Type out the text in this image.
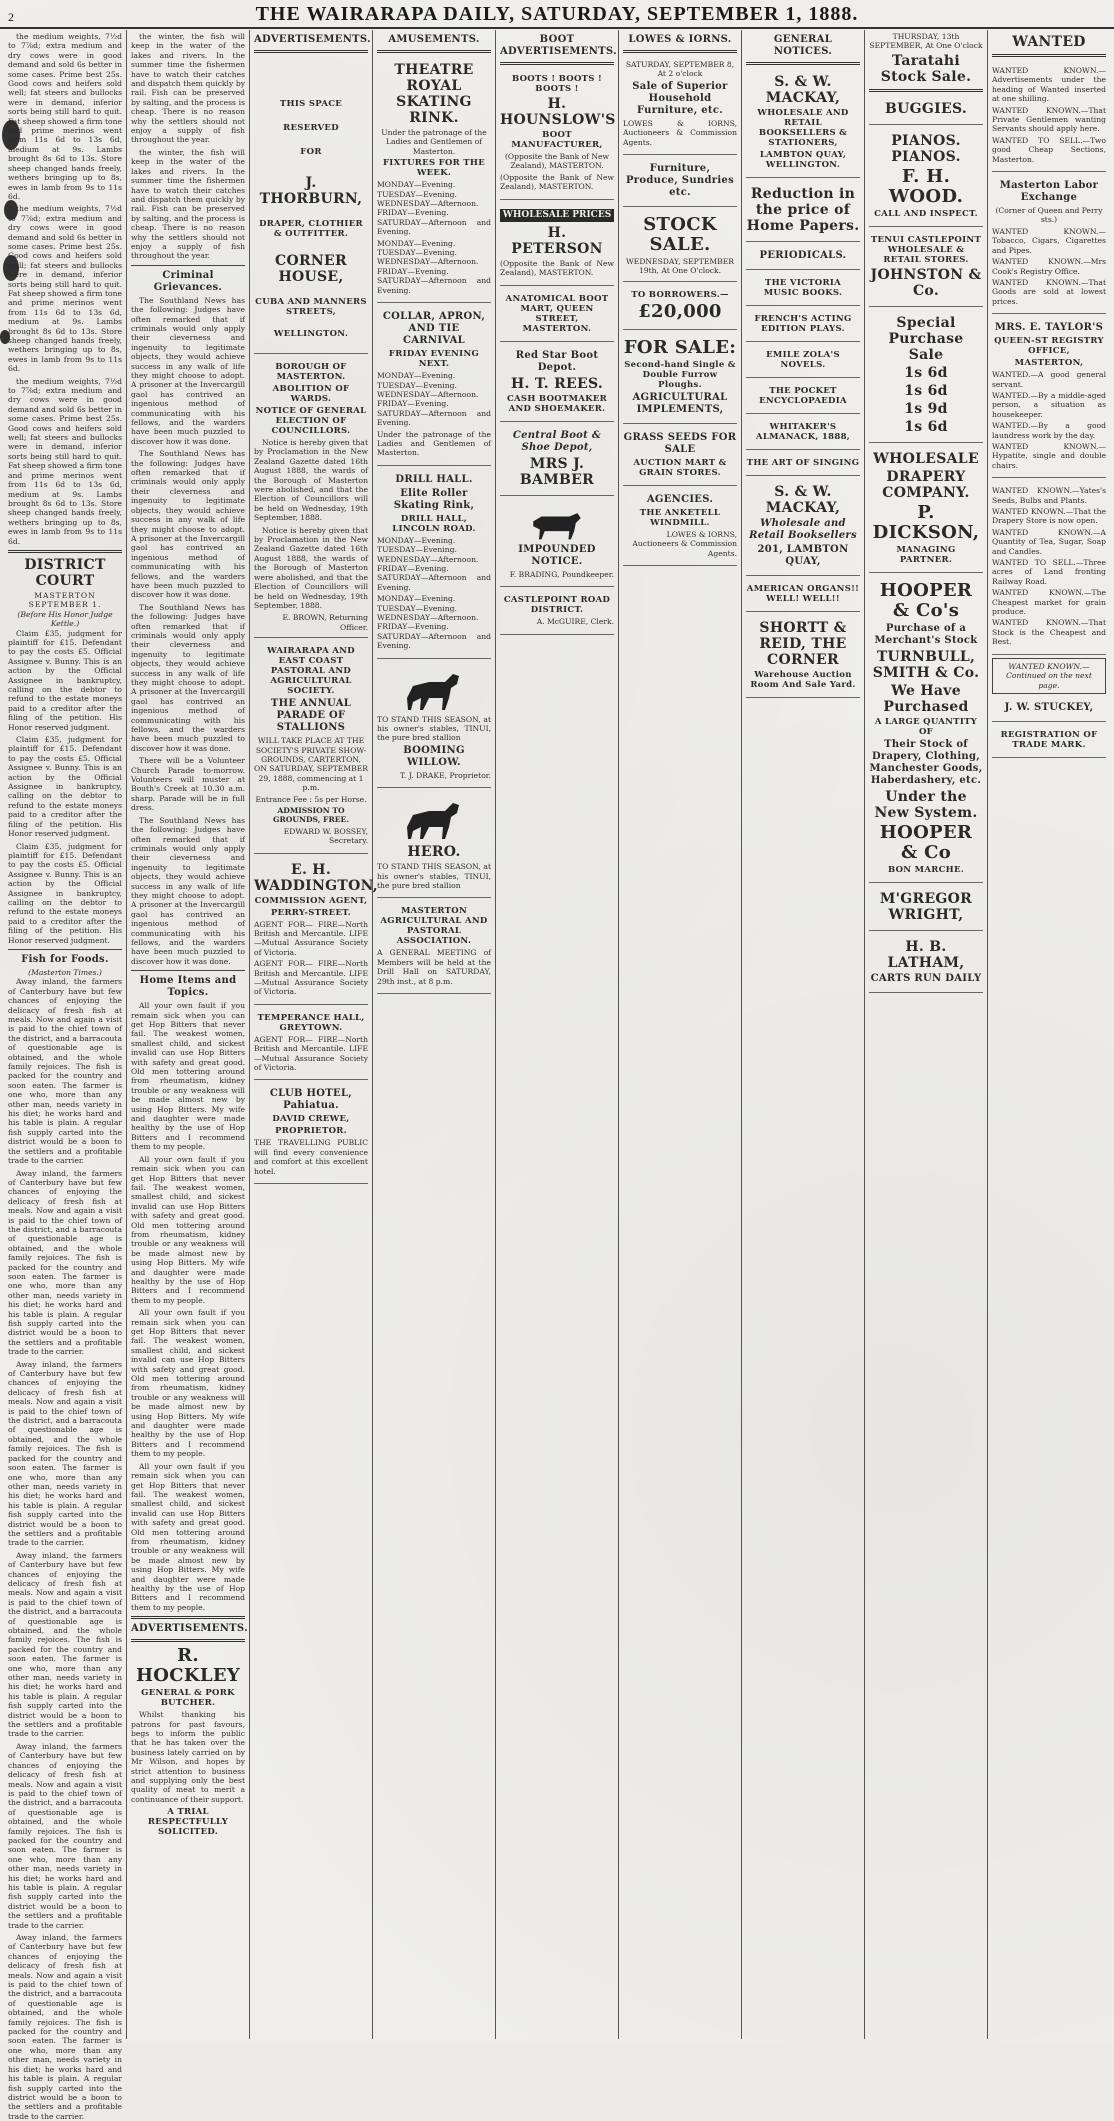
2	THE WAIRARAPA DAILY, SATURDAY, SEPTEMBER 1, 1888.

the medium weights, 7½d to 7⅞d; extra medium and dry cows were in good demand and sold 6s better in some cases. Prime best 25s. Good cows and heifers sold well; fat steers and bullocks were in demand, inferior sorts being still hard to quit. Fat sheep showed a firm tone and prime merinos went from 11s 6d to 13s 6d, medium at 9s. Lambs brought 8s 6d to 13s. Store sheep changed hands freely, wethers bringing up to 8s, ewes in lamb from 9s to 11s 6d.

the medium weights, 7½d to 7⅞d; extra medium and dry cows were in good demand and sold 6s better in some cases. Prime best 25s. Good cows and heifers sold well; fat steers and bullocks were in demand, inferior sorts being still hard to quit. Fat sheep showed a firm tone and prime merinos went from 11s 6d to 13s 6d, medium at 9s. Lambs brought 8s 6d to 13s. Store sheep changed hands freely, wethers bringing up to 8s, ewes in lamb from 9s to 11s 6d.

the medium weights, 7½d to 7⅞d; extra medium and dry cows were in good demand and sold 6s better in some cases. Prime best 25s. Good cows and heifers sold well; fat steers and bullocks were in demand, inferior sorts being still hard to quit. Fat sheep showed a firm tone and prime merinos went from 11s 6d to 13s 6d, medium at 9s. Lambs brought 8s 6d to 13s. Store sheep changed hands freely, wethers bringing up to 8s, ewes in lamb from 9s to 11s 6d.

DISTRICT COURT
MASTERTON SEPTEMBER 1.
(Before His Honor Judge Kettle.)

Claim £35, judgment for plaintiff for £15. Defendant to pay the costs £5. Official Assignee v. Bunny. This is an action by the Official Assignee in bankruptcy, calling on the debtor to refund to the estate moneys paid to a creditor after the filing of the petition. His Honor reserved judgment.

Claim £35, judgment for plaintiff for £15. Defendant to pay the costs £5. Official Assignee v. Bunny. This is an action by the Official Assignee in bankruptcy, calling on the debtor to refund to the estate moneys paid to a creditor after the filing of the petition. His Honor reserved judgment.

Claim £35, judgment for plaintiff for £15. Defendant to pay the costs £5. Official Assignee v. Bunny. This is an action by the Official Assignee in bankruptcy, calling on the debtor to refund to the estate moneys paid to a creditor after the filing of the petition. His Honor reserved judgment.

Fish for Foods.
(Masterton Times.)

Away inland, the farmers of Canterbury have but few chances of enjoying the delicacy of fresh fish at meals. Now and again a visit is paid to the chief town of the district, and a barracouta of questionable age is obtained, and the whole family rejoices. The fish is packed for the country and soon eaten. The farmer is one who, more than any other man, needs variety in his diet; he works hard and his table is plain. A regular fish supply carted into the district would be a boon to the settlers and a profitable trade to the carrier.

Away inland, the farmers of Canterbury have but few chances of enjoying the delicacy of fresh fish at meals. Now and again a visit is paid to the chief town of the district, and a barracouta of questionable age is obtained, and the whole family rejoices. The fish is packed for the country and soon eaten. The farmer is one who, more than any other man, needs variety in his diet; he works hard and his table is plain. A regular fish supply carted into the district would be a boon to the settlers and a profitable trade to the carrier.

Away inland, the farmers of Canterbury have but few chances of enjoying the delicacy of fresh fish at meals. Now and again a visit is paid to the chief town of the district, and a barracouta of questionable age is obtained, and the whole family rejoices. The fish is packed for the country and soon eaten. The farmer is one who, more than any other man, needs variety in his diet; he works hard and his table is plain. A regular fish supply carted into the district would be a boon to the settlers and a profitable trade to the carrier.

Away inland, the farmers of Canterbury have but few chances of enjoying the delicacy of fresh fish at meals. Now and again a visit is paid to the chief town of the district, and a barracouta of questionable age is obtained, and the whole family rejoices. The fish is packed for the country and soon eaten. The farmer is one who, more than any other man, needs variety in his diet; he works hard and his table is plain. A regular fish supply carted into the district would be a boon to the settlers and a profitable trade to the carrier.

Away inland, the farmers of Canterbury have but few chances of enjoying the delicacy of fresh fish at meals. Now and again a visit is paid to the chief town of the district, and a barracouta of questionable age is obtained, and the whole family rejoices. The fish is packed for the country and soon eaten. The farmer is one who, more than any other man, needs variety in his diet; he works hard and his table is plain. A regular fish supply carted into the district would be a boon to the settlers and a profitable trade to the carrier.

Away inland, the farmers of Canterbury have but few chances of enjoying the delicacy of fresh fish at meals. Now and again a visit is paid to the chief town of the district, and a barracouta of questionable age is obtained, and the whole family rejoices. The fish is packed for the country and soon eaten. The farmer is one who, more than any other man, needs variety in his diet; he works hard and his table is plain. A regular fish supply carted into the district would be a boon to the settlers and a profitable trade to the carrier.

the winter, the fish will keep in the water of the lakes and rivers. In the summer time the fishermen have to watch their catches and dispatch them quickly by rail. Fish can be preserved by salting, and the process is cheap. There is no reason why the settlers should not enjoy a supply of fish throughout the year.

the winter, the fish will keep in the water of the lakes and rivers. In the summer time the fishermen have to watch their catches and dispatch them quickly by rail. Fish can be preserved by salting, and the process is cheap. There is no reason why the settlers should not enjoy a supply of fish throughout the year.

Criminal Grievances.

The Southland News has the following: Judges have often remarked that if criminals would only apply their cleverness and ingenuity to legitimate objects, they would achieve success in any walk of life they might choose to adopt. A prisoner at the Invercargill gaol has contrived an ingenious method of communicating with his fellows, and the warders have been much puzzled to discover how it was done.

The Southland News has the following: Judges have often remarked that if criminals would only apply their cleverness and ingenuity to legitimate objects, they would achieve success in any walk of life they might choose to adopt. A prisoner at the Invercargill gaol has contrived an ingenious method of communicating with his fellows, and the warders have been much puzzled to discover how it was done.

The Southland News has the following: Judges have often remarked that if criminals would only apply their cleverness and ingenuity to legitimate objects, they would achieve success in any walk of life they might choose to adopt. A prisoner at the Invercargill gaol has contrived an ingenious method of communicating with his fellows, and the warders have been much puzzled to discover how it was done.

There will be a Volunteer Church Parade to-morrow. Volunteers will muster at Bouth's Creek at 10.30 a.m. sharp. Parade will be in full dress.

The Southland News has the following: Judges have often remarked that if criminals would only apply their cleverness and ingenuity to legitimate objects, they would achieve success in any walk of life they might choose to adopt. A prisoner at the Invercargill gaol has contrived an ingenious method of communicating with his fellows, and the warders have been much puzzled to discover how it was done.

Home Items and Topics.

All your own fault if you remain sick when you can get Hop Bitters that never fail. The weakest women, smallest child, and sickest invalid can use Hop Bitters with safety and great good. Old men tottering around from rheumatism, kidney trouble or any weakness will be made almost new by using Hop Bitters. My wife and daughter were made healthy by the use of Hop Bitters and I recommend them to my people.

All your own fault if you remain sick when you can get Hop Bitters that never fail. The weakest women, smallest child, and sickest invalid can use Hop Bitters with safety and great good. Old men tottering around from rheumatism, kidney trouble or any weakness will be made almost new by using Hop Bitters. My wife and daughter were made healthy by the use of Hop Bitters and I recommend them to my people.

All your own fault if you remain sick when you can get Hop Bitters that never fail. The weakest women, smallest child, and sickest invalid can use Hop Bitters with safety and great good. Old men tottering around from rheumatism, kidney trouble or any weakness will be made almost new by using Hop Bitters. My wife and daughter were made healthy by the use of Hop Bitters and I recommend them to my people.

All your own fault if you remain sick when you can get Hop Bitters that never fail. The weakest women, smallest child, and sickest invalid can use Hop Bitters with safety and great good. Old men tottering around from rheumatism, kidney trouble or any weakness will be made almost new by using Hop Bitters. My wife and daughter were made healthy by the use of Hop Bitters and I recommend them to my people.

ADVERTISEMENTS.
R. HOCKLEY
GENERAL & PORK BUTCHER.

Whilst thanking his patrons for past favours, begs to inform the public that he has taken over the business lately carried on by Mr Wilson, and hopes by strict attention to business and supplying only the best quality of meat to merit a continuance of their support.

A TRIAL RESPECTFULLY SOLICITED.
ADVERTISEMENTS.
THIS SPACE
RESERVED
FOR
J. THORBURN,
DRAPER, CLOTHIER & OUTFITTER.
CORNER HOUSE,
CUBA AND MANNERS STREETS,
WELLINGTON.
BOROUGH OF MASTERTON.
ABOLITION OF WARDS.
NOTICE OF GENERAL ELECTION OF COUNCILLORS.

Notice is hereby given that by Proclamation in the New Zealand Gazette dated 16th August 1888, the wards of the Borough of Masterton were abolished, and that the Election of Councillors will be held on Wednesday, 19th September, 1888.

Notice is hereby given that by Proclamation in the New Zealand Gazette dated 16th August 1888, the wards of the Borough of Masterton were abolished, and that the Election of Councillors will be held on Wednesday, 19th September, 1888.

E. BROWN, Returning Officer.
WAIRARAPA AND EAST COAST PASTORAL AND AGRICULTURAL SOCIETY.
THE ANNUAL PARADE OF STALLIONS

WILL TAKE PLACE AT THE SOCIETY'S PRIVATE SHOW-GROUNDS, CARTERTON, ON SATURDAY, SEPTEMBER 29, 1888, commencing at 1 p.m.

Entrance Fee : 5s per Horse.

ADMISSION TO GROUNDS, FREE.

EDWARD W. BOSSEY, Secretary.

E. H. WADDINGTON,
COMMISSION AGENT,
PERRY-STREET.

AGENT FOR— FIRE—North British and Mercantile. LIFE—Mutual Assurance Society of Victoria.

AGENT FOR— FIRE—North British and Mercantile. LIFE—Mutual Assurance Society of Victoria.

TEMPERANCE HALL, GREYTOWN.

AGENT FOR— FIRE—North British and Mercantile. LIFE—Mutual Assurance Society of Victoria.

CLUB HOTEL, Pahiatua.
DAVID CREWE,
PROPRIETOR.

THE TRAVELLING PUBLIC will find every convenience and comfort at this excellent hotel.

AMUSEMENTS.
THEATRE ROYAL SKATING RINK.

Under the patronage of the Ladies and Gentlemen of Masterton.

FIXTURES FOR THE WEEK.

MONDAY—Evening. TUESDAY—Evening. WEDNESDAY—Afternoon. FRIDAY—Evening. SATURDAY—Afternoon and Evening.

MONDAY—Evening. TUESDAY—Evening. WEDNESDAY—Afternoon. FRIDAY—Evening. SATURDAY—Afternoon and Evening.

COLLAR, APRON, AND TIE CARNIVAL
FRIDAY EVENING NEXT.

MONDAY—Evening. TUESDAY—Evening. WEDNESDAY—Afternoon. FRIDAY—Evening. SATURDAY—Afternoon and Evening.

Under the patronage of the Ladies and Gentlemen of Masterton.

DRILL HALL.
Elite Roller Skating Rink,
DRILL HALL, LINCOLN ROAD.

MONDAY—Evening. TUESDAY—Evening. WEDNESDAY—Afternoon. FRIDAY—Evening. SATURDAY—Afternoon and Evening.

MONDAY—Evening. TUESDAY—Evening. WEDNESDAY—Afternoon. FRIDAY—Evening. SATURDAY—Afternoon and Evening.

TO STAND THIS SEASON, at his owner's stables, TINUI, the pure bred stallion

BOOMING WILLOW.

T. J. DRAKE, Proprietor.

HERO.

TO STAND THIS SEASON, at his owner's stables, TINUI, the pure bred stallion

MASTERTON AGRICULTURAL AND PASTORAL ASSOCIATION.

A GENERAL MEETING of Members will be held at the Drill Hall on SATURDAY, 29th inst., at 8 p.m.

BOOT ADVERTISEMENTS.
BOOTS ! BOOTS ! BOOTS !
H. HOUNSLOW'S
BOOT MANUFACTURER,
(Opposite the Bank of New Zealand), MASTERTON.

(Opposite the Bank of New Zealand), MASTERTON.

WHOLESALE PRICES
H. PETERSON

(Opposite the Bank of New Zealand), MASTERTON.

ANATOMICAL BOOT MART, QUEEN STREET, MASTERTON.
Red Star Boot Depot.
H. T. REES.
CASH BOOTMAKER AND SHOEMAKER.
Central Boot & Shoe Depot,
MRS J. BAMBER
IMPOUNDED NOTICE.

F. BRADING, Poundkeeper.

CASTLEPOINT ROAD DISTRICT.

A. McGUIRE, Clerk.

LOWES & IORNS.
SATURDAY, SEPTEMBER 8, At 2 o'clock
Sale of Superior Household Furniture, etc.

LOWES & IORNS, Auctioneers & Commission Agents.

Furniture, Produce, Sundries etc.
STOCK SALE.
WEDNESDAY, SEPTEMBER 19th, At One O'clock.
TO BORROWERS.—
£20,000
FOR SALE:
Second-hand Single & Double Furrow Ploughs.
AGRICULTURAL IMPLEMENTS,
GRASS SEEDS FOR SALE
AUCTION MART & GRAIN STORES.
AGENCIES.
THE ANKETELL WINDMILL.

LOWES & IORNS, Auctioneers & Commission Agents.

GENERAL NOTICES.
S. & W. MACKAY,
WHOLESALE AND RETAIL BOOKSELLERS & STATIONERS,
LAMBTON QUAY, WELLINGTON.
Reduction in the price of Home Papers.
PERIODICALS.
THE VICTORIA MUSIC BOOKS.
FRENCH'S ACTING EDITION PLAYS.
EMILE ZOLA'S NOVELS.
THE POCKET ENCYCLOPAEDIA
WHITAKER'S ALMANACK, 1888,
THE ART OF SINGING
S. & W. MACKAY,
Wholesale and Retail Booksellers
201, LAMBTON QUAY,
AMERICAN ORGANS!! WELL! WELL!!
SHORTT & REID, THE CORNER
Warehouse Auction Room And Sale Yard.
THURSDAY, 13th SEPTEMBER, At One O'clock
Taratahi Stock Sale.
BUGGIES.
PIANOS. PIANOS.
F. H. WOOD.
CALL AND INSPECT.
TENUI CASTLEPOINT WHOLESALE & RETAIL STORES.
JOHNSTON & Co.
Special Purchase Sale
1s 6d
1s 6d
1s 9d
1s 6d
WHOLESALE
DRAPERY COMPANY.
P. DICKSON,
MANAGING PARTNER.
HOOPER & Co's
Purchase of a Merchant's Stock
TURNBULL, SMITH & Co.
We Have Purchased
A LARGE QUANTITY OF
Their Stock of Drapery, Clothing, Manchester Goods, Haberdashery, etc.
Under the New System.
HOOPER & Co
BON MARCHE.
M'GREGOR WRIGHT,
H. B. LATHAM,
CARTS RUN DAILY
WANTED

WANTED KNOWN.—Advertisements under the heading of Wanted inserted at one shilling.

WANTED KNOWN.—That Private Gentlemen wanting Servants should apply here.

WANTED TO SELL.—Two good Cheap Sections, Masterton.

Masterton Labor Exchange
(Corner of Queen and Perry sts.)

WANTED KNOWN.—Tobacco, Cigars, Cigarettes and Pipes.

WANTED KNOWN.—Mrs Cook's Registry Office.

WANTED KNOWN.—That Goods are sold at lowest prices.

MRS. E. TAYLOR'S
QUEEN-ST REGISTRY OFFICE,
MASTERTON,

WANTED.—A good general servant.

WANTED.—By a middle-aged person, a situation as housekeeper.

WANTED.—By a good laundress work by the day.

WANTED KNOWN.—Hypatite, single and double chairs.

WANTED KNOWN.—Yates's Seeds, Bulbs and Plants.

WANTED KNOWN.—That the Drapery Store is now open.

WANTED KNOWN.—A Quantity of Tea, Sugar, Soap and Candles.

WANTED TO SELL.—Three acres of Land fronting Railway Road.

WANTED KNOWN.—The Cheapest market for grain produce.

WANTED KNOWN.—That Stock is the Cheapest and Best.

WANTED KNOWN.—Continued on the next page.
J. W. STUCKEY,
REGISTRATION OF TRADE MARK.
